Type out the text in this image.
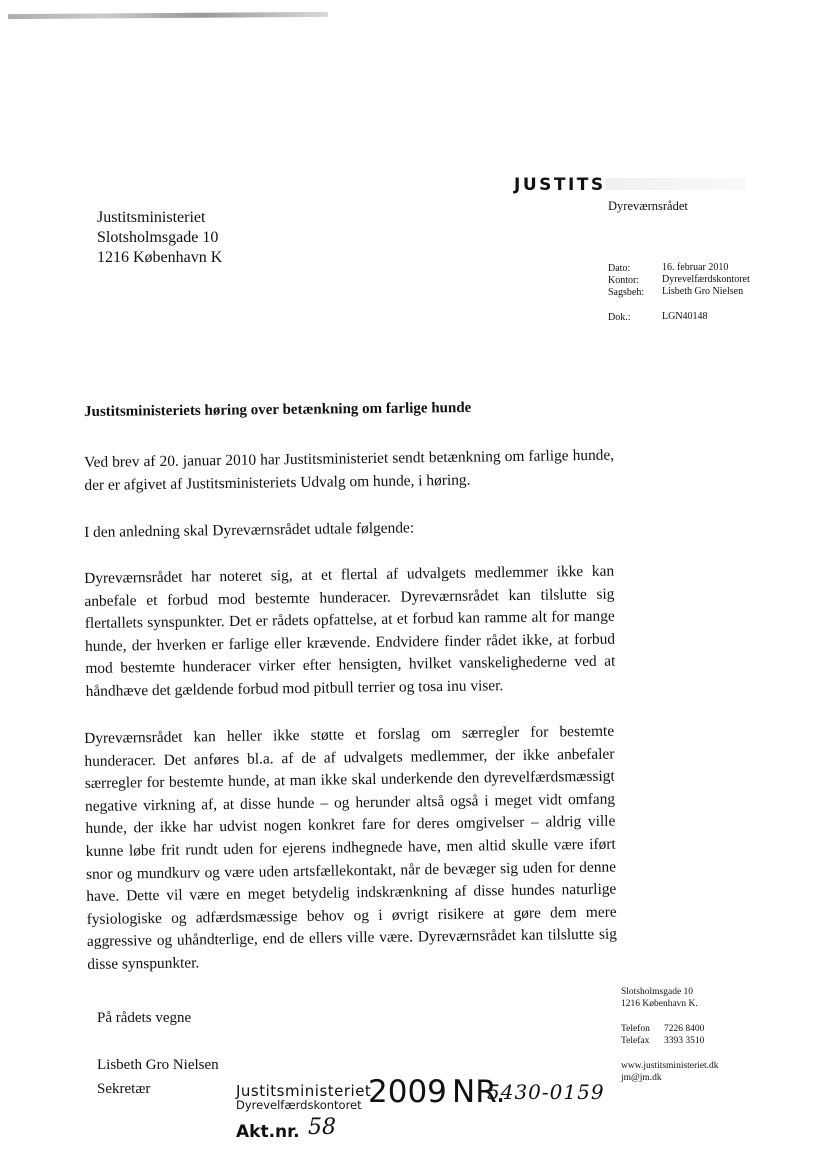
JUSTITS
Dyreværnsrådet
Justitsministeriet
Slotsholmsgade 10
1216 København K
Dato:	16. februar 2010
Kontor: Dyrevelfærdskontoret
Sagsbeh: Lisbeth Gro Nielsen
Dok.:	LGN40148
Justitsministeriets høring over betænkning om farlige hunde
Ved brev af 20. januar 2010 har Justitsministeriet sendt betænkning om farlige hunde, der er afgivet af Justitsministeriets Udvalg om hunde, i høring.
I den anledning skal Dyreværnsrådet udtale følgende:
Dyreværnsrådet har noteret sig, at et flertal af udvalgets medlemmer ikke kan anbefale et forbud mod bestemte hunderacer. Dyreværnsrådet kan tilslutte sig flertallets synspunkter. Det er rådets opfattelse, at et forbud kan ramme alt for mange hunde, der hverken er farlige eller krævende. Endvidere finder rådet ikke, at forbud mod bestemte hunderacer virker efter hensigten, hvilket vanskelighederne ved at håndhæve det gældende forbud mod pitbull terrier og tosa inu viser.
Dyreværnsrådet kan heller ikke støtte et forslag om særregler for bestemte hunderacer. Det anføres bl.a. af de af udvalgets medlemmer, der ikke anbefaler særregler for bestemte hunde, at man ikke skal underkende den dyrevelfærdsmæssigt negative virkning af, at disse hunde – og herunder altså også i meget vidt omfang hunde, der ikke har udvist nogen konkret fare for deres omgivelser – aldrig ville kunne løbe frit rundt uden for ejerens indhegnede have, men altid skulle være iført snor og mundkurv og være uden artsfællekontakt, når de bevæger sig uden for denne have. Dette vil være en meget betydelig indskrænkning af disse hundes naturlige fysiologiske og adfærdsmæssige behov og i øvrigt risikere at gøre dem mere aggressive og uhåndterlige, end de ellers ville være. Dyreværnsrådet kan tilslutte sig disse synspunkter.
På rådets vegne
Lisbeth Gro Nielsen
Sekretær
Slotsholmsgade 10
1216 København K.
Telefon 7226 8400
Telefax 3393 3510
www.justitsministeriet.dk
jm@jm.dk
Justitsministeriet
Dyrevelfærdskontoret 2009 NR.
5430-0159
Akt.nr. 58
